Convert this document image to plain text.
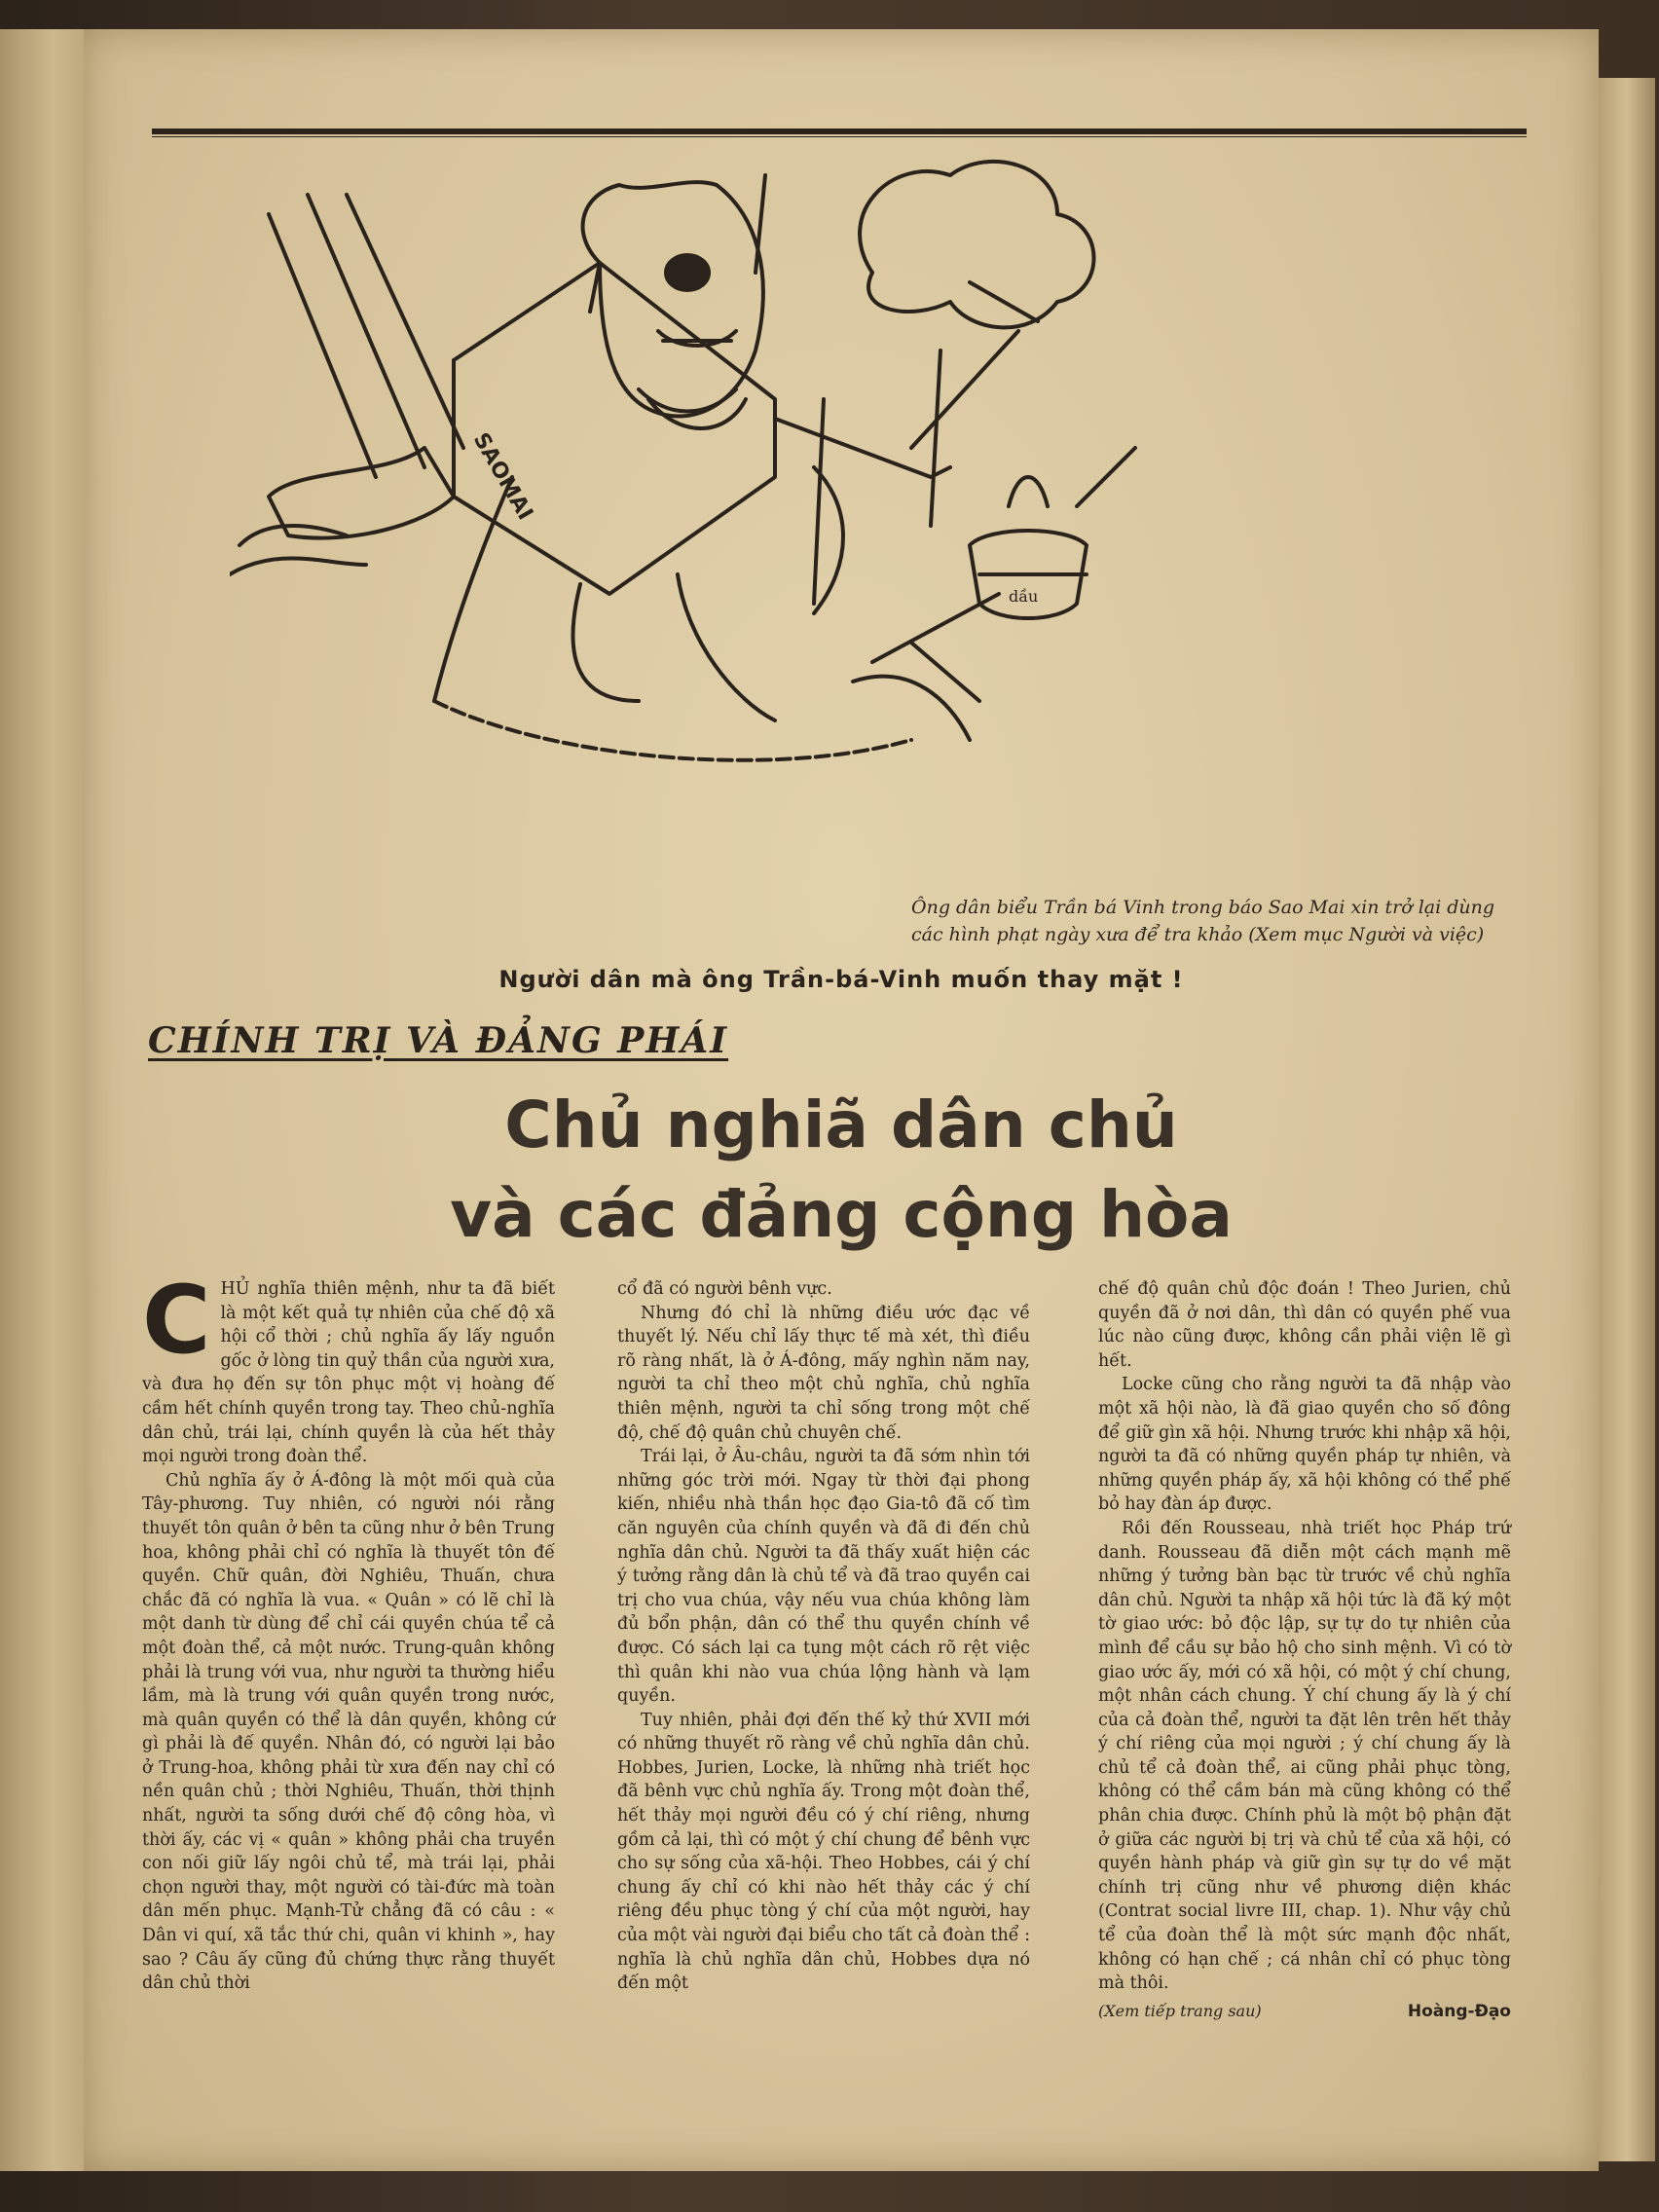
SAOMAI
dầu
Ông dân biểu Trần bá Vinh trong báo Sao Mai xin trở lại dùng
các hình phạt ngày xưa để tra khảo (Xem mục Người và việc)
Người dân mà ông Trần-bá-Vinh muốn thay mặt !
CHÍNH TRỊ VÀ ĐẢNG PHÁI
Chủ nghiã dân chủ
và các đảng cộng hòa

CHỦ nghĩa thiên mệnh, như ta đã biết là một kết quả tự nhiên của chế độ xã hội cổ thời ; chủ nghĩa ấy lấy nguồn gốc ở lòng tin quỷ thần của người xưa, và đưa họ đến sự tôn phục một vị hoàng đế cầm hết chính quyền trong tay. Theo chủ-nghĩa dân chủ, trái lại, chính quyền là của hết thảy mọi người trong đoàn thể.

Chủ nghĩa ấy ở Á-đông là một mối quà của Tây-phương. Tuy nhiên, có người nói rằng thuyết tôn quân ở bên ta cũng như ở bên Trung hoa, không phải chỉ có nghĩa là thuyết tôn đế quyền. Chữ quân, đời Nghiêu, Thuấn, chưa chắc đã có nghĩa là vua. « Quân » có lẽ chỉ là một danh từ dùng để chỉ cái quyền chúa tể cả một đoàn thể, cả một nước. Trung-quân không phải là trung với vua, như người ta thường hiểu lầm, mà là trung với quân quyền trong nước, mà quân quyền có thể là dân quyền, không cứ gì phải là đế quyền. Nhân đó, có người lại bảo ở Trung-hoa, không phải từ xưa đến nay chỉ có nền quân chủ ; thời Nghiêu, Thuấn, thời thịnh nhất, người ta sống dưới chế độ công hòa, vì thời ấy, các vị « quân » không phải cha truyền con nối giữ lấy ngôi chủ tể, mà trái lại, phải chọn người thay, một người có tài-đức mà toàn dân mến phục. Mạnh-Tử chẳng đã có câu : « Dân vi quí, xã tắc thứ chi, quân vi khinh », hay sao ? Câu ấy cũng đủ chứng thực rằng thuyết dân chủ thời

cổ đã có người bênh vực.

Nhưng đó chỉ là những điều ước đạc về thuyết lý. Nếu chỉ lấy thực tế mà xét, thì điều rõ ràng nhất, là ở Á-đông, mấy nghìn năm nay, người ta chỉ theo một chủ nghĩa, chủ nghĩa thiên mệnh, người ta chỉ sống trong một chế độ, chế độ quân chủ chuyên chế.

Trái lại, ở Âu-châu, người ta đã sớm nhìn tới những góc trời mới. Ngay từ thời đại phong kiến, nhiều nhà thần học đạo Gia-tô đã cố tìm căn nguyên của chính quyền và đã đi đến chủ nghĩa dân chủ. Người ta đã thấy xuất hiện các ý tưởng rằng dân là chủ tể và đã trao quyền cai trị cho vua chúa, vậy nếu vua chúa không làm đủ bổn phận, dân có thể thu quyền chính về được. Có sách lại ca tụng một cách rõ rệt việc thì quân khi nào vua chúa lộng hành và lạm quyền.

Tuy nhiên, phải đợi đến thế kỷ thứ XVII mới có những thuyết rõ ràng về chủ nghĩa dân chủ. Hobbes, Jurien, Locke, là những nhà triết học đã bênh vực chủ nghĩa ấy. Trong một đoàn thể, hết thảy mọi người đều có ý chí riêng, nhưng gồm cả lại, thì có một ý chí chung để bênh vực cho sự sống của xã-hội. Theo Hobbes, cái ý chí chung ấy chỉ có khi nào hết thảy các ý chí riêng đều phục tòng ý chí của một người, hay của một vài người đại biểu cho tất cả đoàn thể : nghĩa là chủ nghĩa dân chủ, Hobbes dựa nó đến một

chế độ quân chủ độc đoán ! Theo Jurien, chủ quyền đã ở nơi dân, thì dân có quyền phế vua lúc nào cũng được, không cần phải viện lẽ gì hết.

Locke cũng cho rằng người ta đã nhập vào một xã hội nào, là đã giao quyền cho số đông để giữ gìn xã hội. Nhưng trước khi nhập xã hội, người ta đã có những quyền pháp tự nhiên, và những quyền pháp ấy, xã hội không có thể phế bỏ hay đàn áp được.

Rồi đến Rousseau, nhà triết học Pháp trứ danh. Rousseau đã diễn một cách mạnh mẽ những ý tưởng bàn bạc từ trước về chủ nghĩa dân chủ. Người ta nhập xã hội tức là đã ký một tờ giao ước: bỏ độc lập, sự tự do tự nhiên của mình để cầu sự bảo hộ cho sinh mệnh. Vì có tờ giao ước ấy, mới có xã hội, có một ý chí chung, một nhân cách chung. Ý chí chung ấy là ý chí của cả đoàn thể, người ta đặt lên trên hết thảy ý chí riêng của mọi người ; ý chí chung ấy là chủ tể cả đoàn thể, ai cũng phải phục tòng, không có thể cầm bán mà cũng không có thể phân chia được. Chính phủ là một bộ phận đặt ở giữa các người bị trị và chủ tể của xã hội, có quyền hành pháp và giữ gìn sự tự do về mặt chính trị cũng như về phương diện khác (Contrat social livre III, chap. 1). Như vậy chủ tể của đoàn thể là một sức mạnh độc nhất, không có hạn chế ; cá nhân chỉ có phục tòng mà thôi.

(Xem tiếp trang sau)	Hoàng-Đạo
